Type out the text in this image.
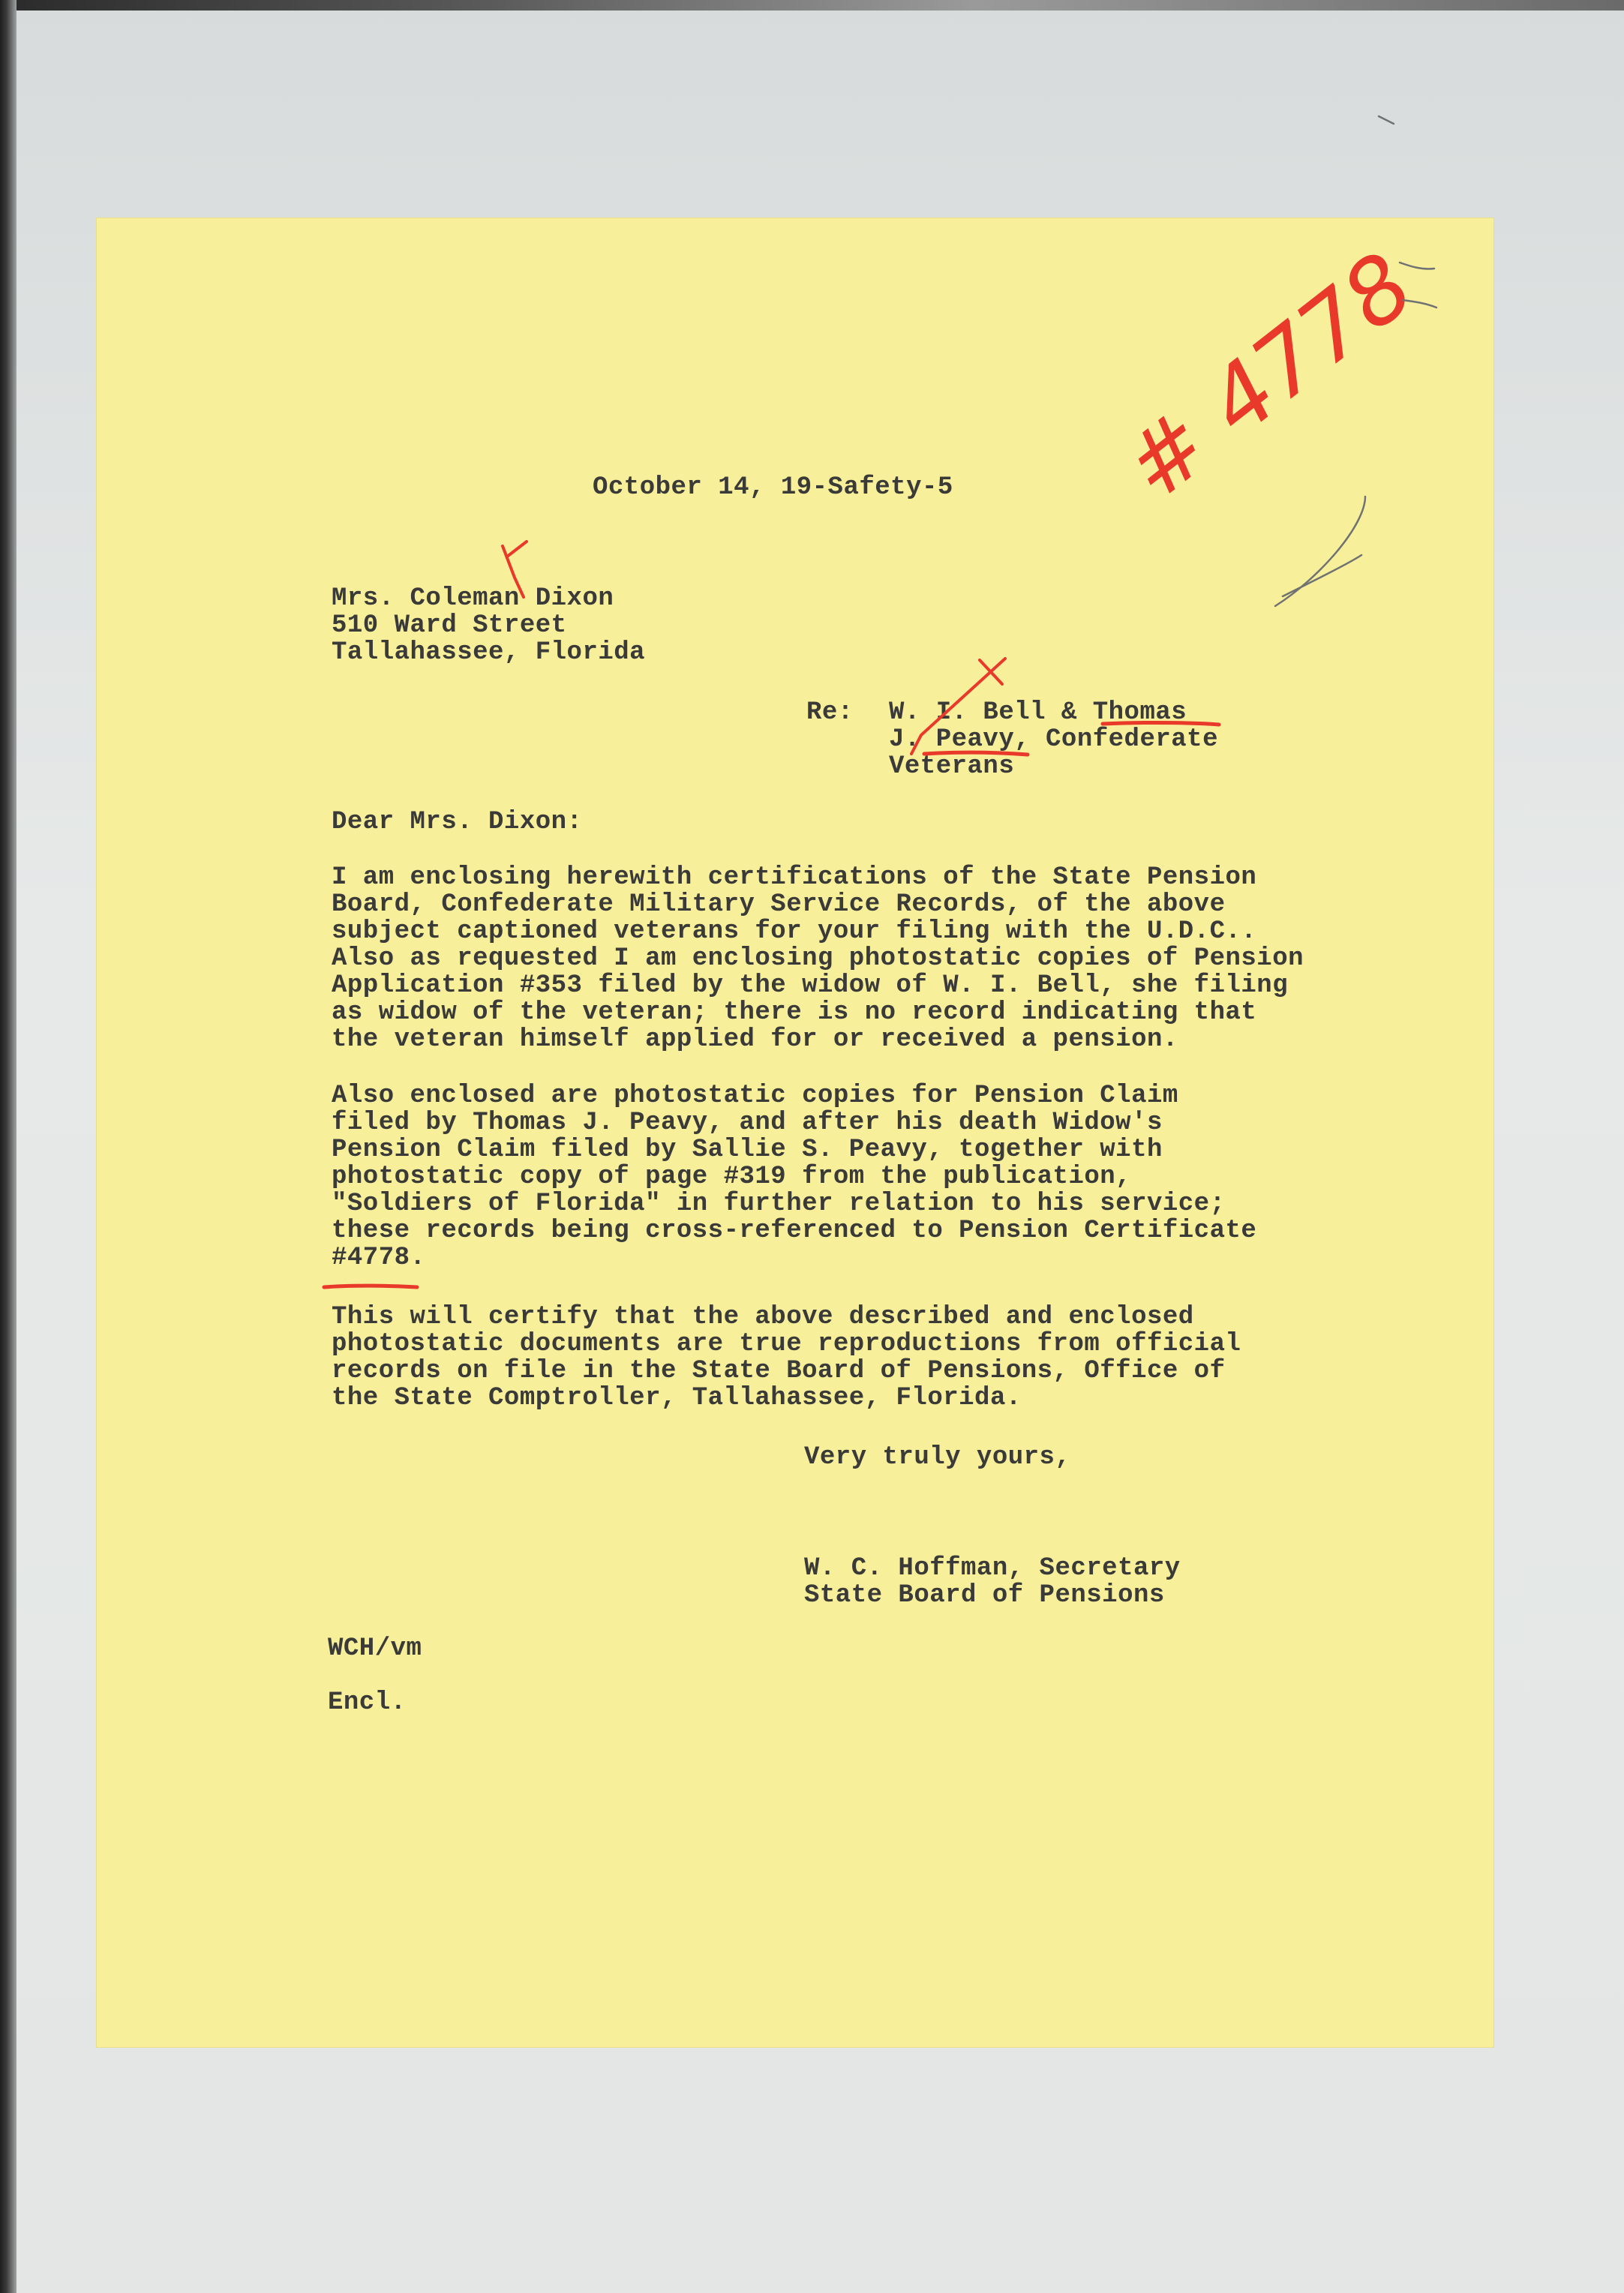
October 14, 19-Safety-5

Mrs. Coleman Dixon

510 Ward Street

Tallahassee, Florida

Re: W. I. Bell & Thomas

J. Peavy, Confederate

Veterans

Dear Mrs. Dixon:

I am enclosing herewith certifications of the State Pension

Board, Confederate Military Service Records, of the above

subject captioned veterans for your filing with the U.D.C..

Also as requested I am enclosing photostatic copies of Pension

Application #353 filed by the widow of W. I. Bell, she filing

as widow of the veteran; there is no record indicating that

the veteran himself applied for or received a pension.

Also enclosed are photostatic copies for Pension Claim

filed by Thomas J. Peavy, and after his death Widow's

Pension Claim filed by Sallie S. Peavy, together with

photostatic copy of page #319 from the publication,

"Soldiers of Florida" in further relation to his service;

these records being cross-referenced to Pension Certificate

#4778.

This will certify that the above described and enclosed

photostatic documents are true reproductions from official

records on file in the State Board of Pensions, Office of

the State Comptroller, Tallahassee, Florida.

Very truly yours,

W. C. Hoffman, Secretary

State Board of Pensions

WCH/vm

Encl.

# 4778
